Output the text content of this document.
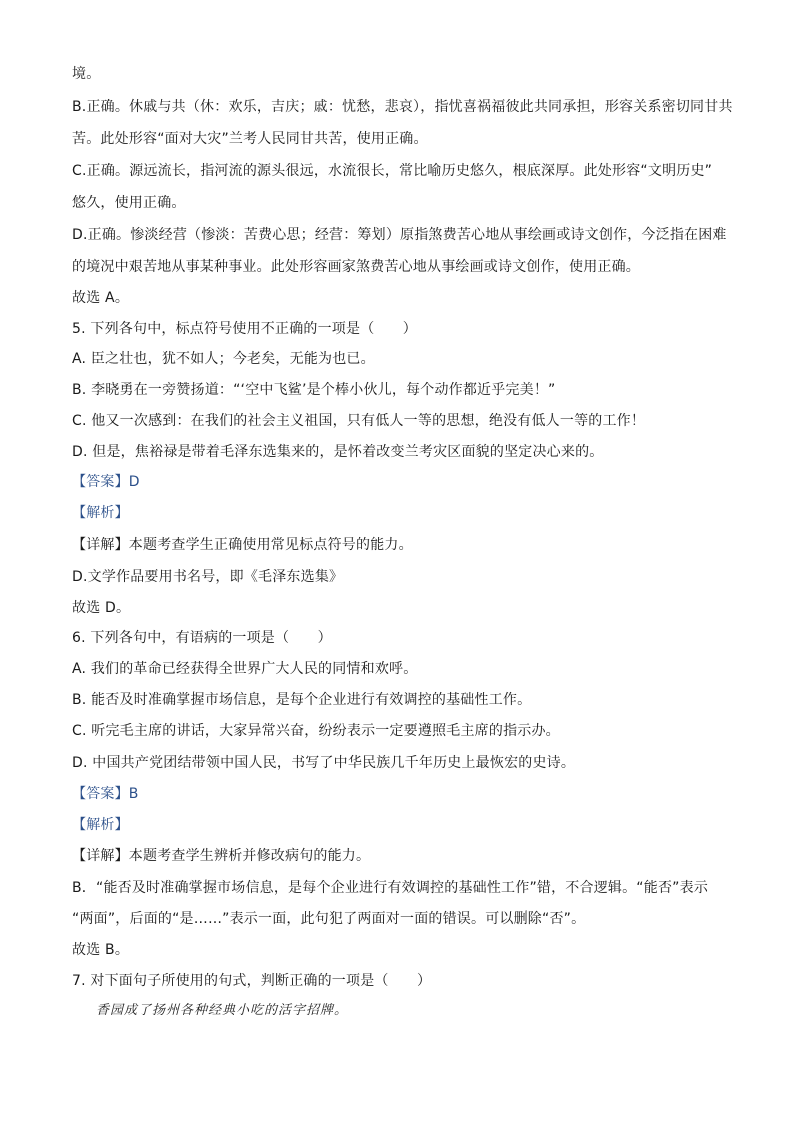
境。
B.正确。休戚与共（休：欢乐，吉庆；戚：忧愁，悲哀），指忧喜祸福彼此共同承担，形容关系密切同甘共
苦。此处形容“面对大灾”兰考人民同甘共苦，使用正确。
C.正确。源远流长，指河流的源头很远，水流很长，常比喻历史悠久，根底深厚。此处形容“文明历史”
悠久，使用正确。
D.正确。惨淡经营（惨淡：苦费心思；经营：筹划）原指煞费苦心地从事绘画或诗文创作，今泛指在困难
的境况中艰苦地从事某种事业。此处形容画家煞费苦心地从事绘画或诗文创作，使用正确。
故选 A。
5. 下列各句中，标点符号使用不正确的一项是（　　）
A. 臣之壮也，犹不如人；今老矣，无能为也已。
B. 李晓勇在一旁赞扬道：“‘空中飞鲨’是个棒小伙儿，每个动作都近乎完美！”
C. 他又一次感到：在我们的社会主义祖国，只有低人一等的思想，绝没有低人一等的工作！
D. 但是，焦裕禄是带着毛泽东选集来的，是怀着改变兰考灾区面貌的坚定决心来的。
【答案】D
【解析】
【详解】本题考查学生正确使用常见标点符号的能力。
D.文学作品要用书名号，即《毛泽东选集》
故选 D。
6. 下列各句中，有语病的一项是（　　）
A. 我们的革命已经获得全世界广大人民的同情和欢呼。
B. 能否及时准确掌握市场信息，是每个企业进行有效调控的基础性工作。
C. 听完毛主席的讲话，大家异常兴奋，纷纷表示一定要遵照毛主席的指示办。
D. 中国共产党团结带领中国人民，书写了中华民族几千年历史上最恢宏的史诗。
【答案】B
【解析】
【详解】本题考查学生辨析并修改病句的能力。
B．“能否及时准确掌握市场信息，是每个企业进行有效调控的基础性工作”错，不合逻辑。“能否”表示
“两面”，后面的“是……”表示一面，此句犯了两面对一面的错误。可以删除“否”。
故选 B。
7. 对下面句子所使用的句式，判断正确的一项是（　　）
香园成了扬州各种经典小吃的活字招牌。
